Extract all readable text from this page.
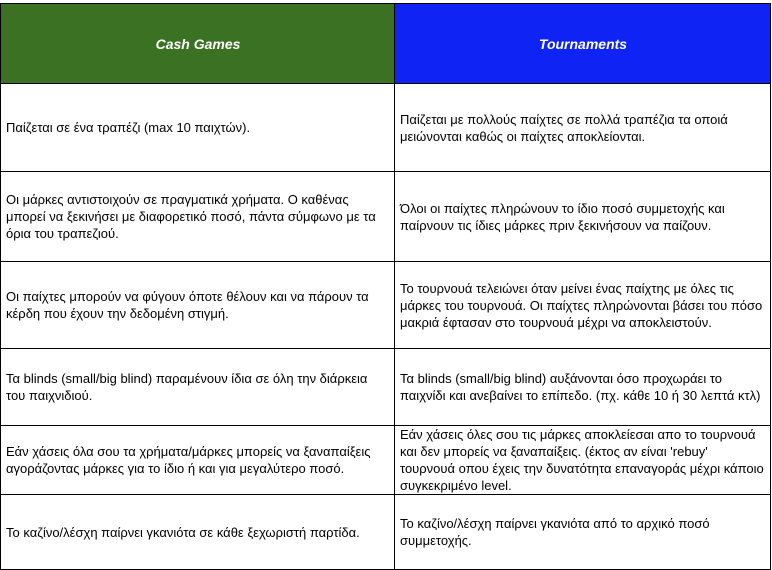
Cash Games	Tournaments
Παίζεται σε ένα τραπέζι (max 10 παιχτών).	Παίζεται με πολλούς παίχτες σε πολλά τραπέζια τα οποιά μειώνονται καθώς οι παίχτες αποκλείονται.
Οι μάρκες αντιστοιχούν σε πραγματικά χρήματα. Ο καθένας μπορεί να ξεκινήσει με διαφορετικό ποσό, πάντα σύμφωνο με τα όρια του τραπεζιού.	Όλοι οι παίχτες πληρώνουν το ίδιο ποσό συμμετοχής και παίρνουν τις ίδιες μάρκες πριν ξεκινήσουν να παίζουν.
Οι παίχτες μπορούν να φύγουν όποτε θέλουν και να πάρουν τα κέρδη που έχουν την δεδομένη στιγμή.	Το τουρνουά τελειώνει όταν μείνει ένας παίχτης με όλες τις μάρκες του τουρνουά. Οι παίχτες πληρώνονται βάσει του πόσο μακριά έφτασαν στο τουρνουά μέχρι να αποκλειστούν.
Τα blinds (small/big blind) παραμένουν ίδια σε όλη την διάρκεια του παιχνιδιού.	Τα blinds (small/big blind) αυξάνονται όσο προχωράει το παιχνίδι και ανεβαίνει το επίπεδο. (πχ. κάθε 10 ή 30 λεπτά κτλ)
Εάν χάσεις όλα σου τα χρήματα/μάρκες μπορείς να ξαναπαίξεις αγοράζοντας μάρκες για το ίδιο ή και για μεγαλύτερο ποσό.	Εάν χάσεις όλες σου τις μάρκες αποκλείεσαι απο το τουρνουά και δεν μπορείς να ξαναπαίξεις. (έκτος αν είναι 'rebuy' τουρνουά οπου έχεις την δυνατότητα επαναγοράς μέχρι κάποιο συγκεκριμένο level.
Το καζίνο/λέσχη παίρνει γκανιότα σε κάθε ξεχωριστή παρτίδα.	Το καζίνο/λέσχη παίρνει γκανιότα από το αρχικό ποσό συμμετοχής.
